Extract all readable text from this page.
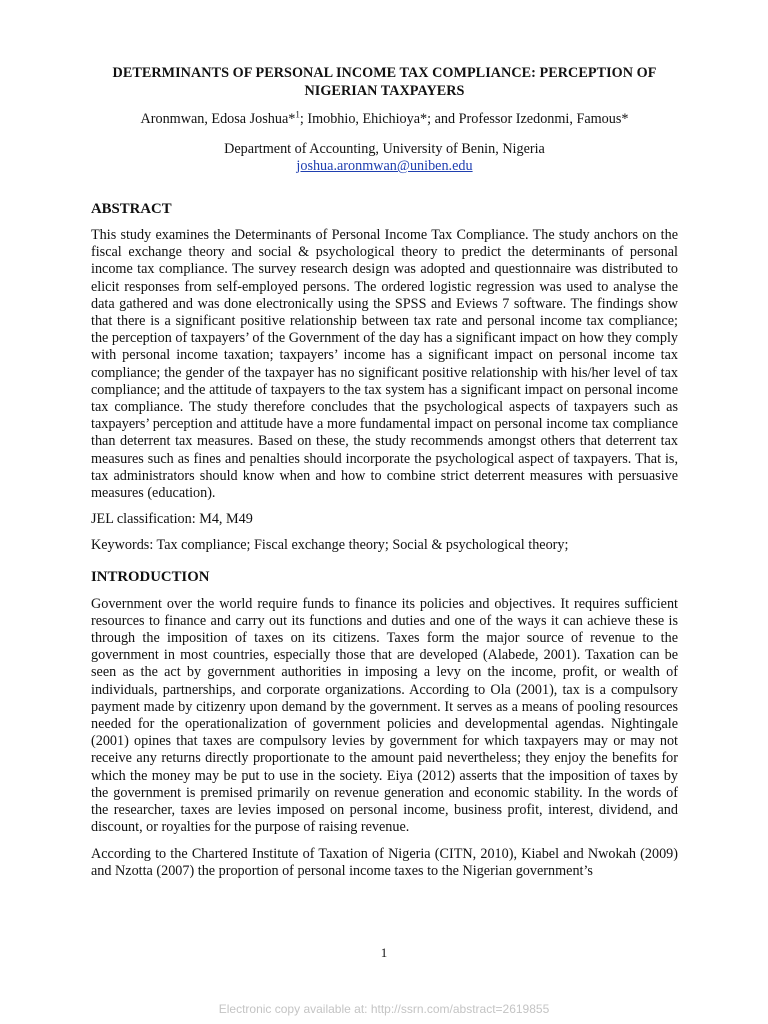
DETERMINANTS OF PERSONAL INCOME TAX COMPLIANCE: PERCEPTION OF NIGERIAN TAXPAYERS
Aronmwan, Edosa Joshua*$^1$; Imobhio, Ehichioya*; and Professor Izedonmi, Famous*
Department of Accounting, University of Benin, Nigeria
joshua.aronmwan@uniben.edu
ABSTRACT

This study examines the Determinants of Personal Income Tax Compliance. The study anchors on the fiscal exchange theory and social & psychological theory to predict the determinants of personal income tax compliance. The survey research design was adopted and questionnaire was distributed to elicit responses from self-employed persons. The ordered logistic regression was used to analyse the data gathered and was done electronically using the SPSS and Eviews 7 software. The findings show that there is a significant positive relationship between tax rate and personal income tax compliance; the perception of taxpayers’ of the Government of the day has a significant impact on how they comply with personal income taxation; taxpayers’ income has a significant impact on personal income tax compliance; the gender of the taxpayer has no significant positive relationship with his/her level of tax compliance; and the attitude of taxpayers to the tax system has a significant impact on personal income tax compliance. The study therefore concludes that the psychological aspects of taxpayers such as taxpayers’ perception and attitude have a more fundamental impact on personal income tax compliance than deterrent tax measures. Based on these, the study recommends amongst others that deterrent tax measures such as fines and penalties should incorporate the psychological aspect of taxpayers. That is, tax administrators should know when and how to combine strict deterrent measures with persuasive measures (education).

JEL classification: M4, M49

Keywords: Tax compliance; Fiscal exchange theory; Social & psychological theory;

INTRODUCTION

Government over the world require funds to finance its policies and objectives. It requires sufficient resources to finance and carry out its functions and duties and one of the ways it can achieve these is through the imposition of taxes on its citizens. Taxes form the major source of revenue to the government in most countries, especially those that are developed (Alabede, 2001). Taxation can be seen as the act by government authorities in imposing a levy on the income, profit, or wealth of individuals, partnerships, and corporate organizations. According to Ola (2001), tax is a compulsory payment made by citizenry upon demand by the government. It serves as a means of pooling resources needed for the operationalization of government policies and developmental agendas. Nightingale (2001) opines that taxes are compulsory levies by government for which taxpayers may or may not receive any returns directly proportionate to the amount paid nevertheless; they enjoy the benefits for which the money may be put to use in the society. Eiya (2012) asserts that the imposition of taxes by the government is premised primarily on revenue generation and economic stability. In the words of the researcher, taxes are levies imposed on personal income, business profit, interest, dividend, and discount, or royalties for the purpose of raising revenue.

According to the Chartered Institute of Taxation of Nigeria (CITN, 2010), Kiabel and Nwokah (2009) and Nzotta (2007) the proportion of personal income taxes to the Nigerian government’s

1
Electronic copy available at: http://ssrn.com/abstract=2619855
